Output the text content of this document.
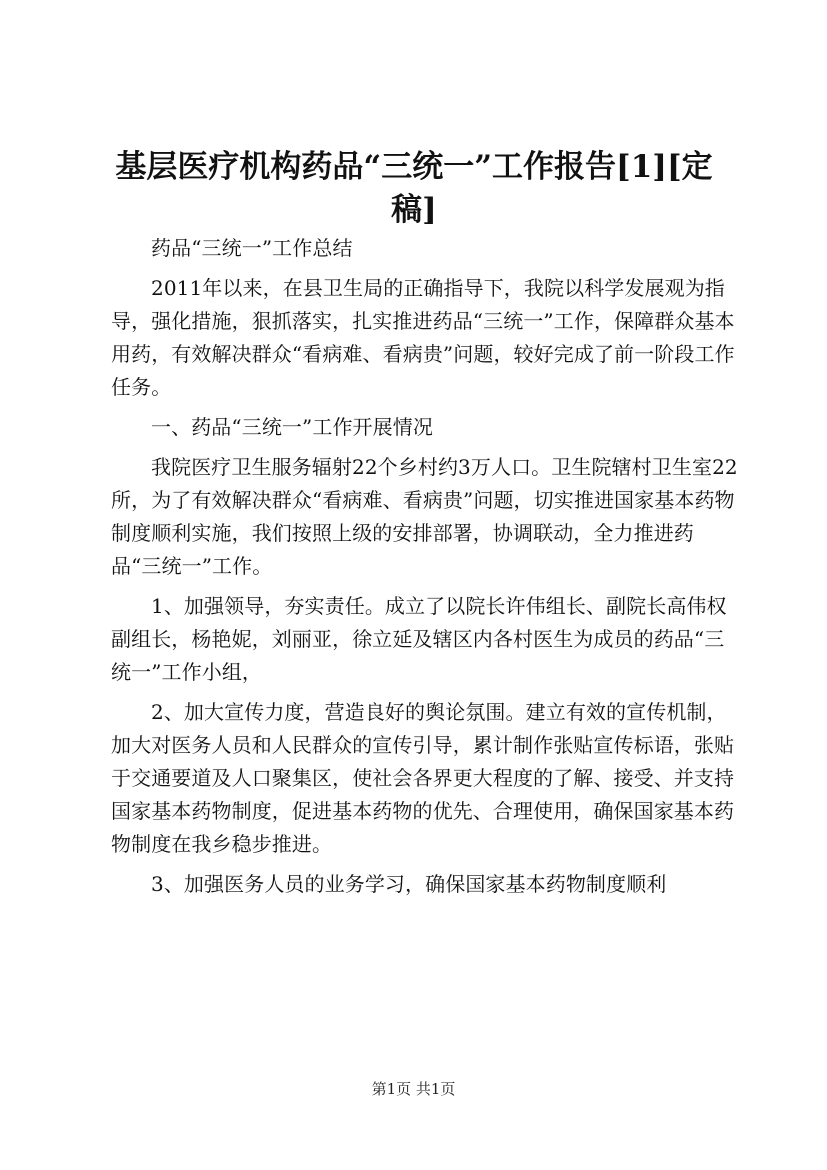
基层医疗机构药品“三统一”工作报告[1][定稿]

药品“三统一”工作总结

2011年以来，在县卫生局的正确指导下，我院以科学发展观为指导，强化措施，狠抓落实，扎实推进药品“三统一”工作，保障群众基本用药，有效解决群众“看病难、看病贵”问题，较好完成了前一阶段工作任务。

一、药品“三统一”工作开展情况

我院医疗卫生服务辐射22个乡村约3万人口。卫生院辖村卫生室22所，为了有效解决群众“看病难、看病贵”问题，切实推进国家基本药物制度顺利实施，我们按照上级的安排部署，协调联动，全力推进药品“三统一”工作。

1、加强领导，夯实责任。成立了以院长许伟组长、副院长高伟权副组长，杨艳妮，刘丽亚，徐立延及辖区内各村医生为成员的药品“三统一”工作小组，

2、加大宣传力度，营造良好的舆论氛围。建立有效的宣传机制，加大对医务人员和人民群众的宣传引导，累计制作张贴宣传标语，张贴于交通要道及人口聚集区，使社会各界更大程度的了解、接受、并支持国家基本药物制度，促进基本药物的优先、合理使用，确保国家基本药物制度在我乡稳步推进。

3、加强医务人员的业务学习，确保国家基本药物制度顺利

第1页 共1页
